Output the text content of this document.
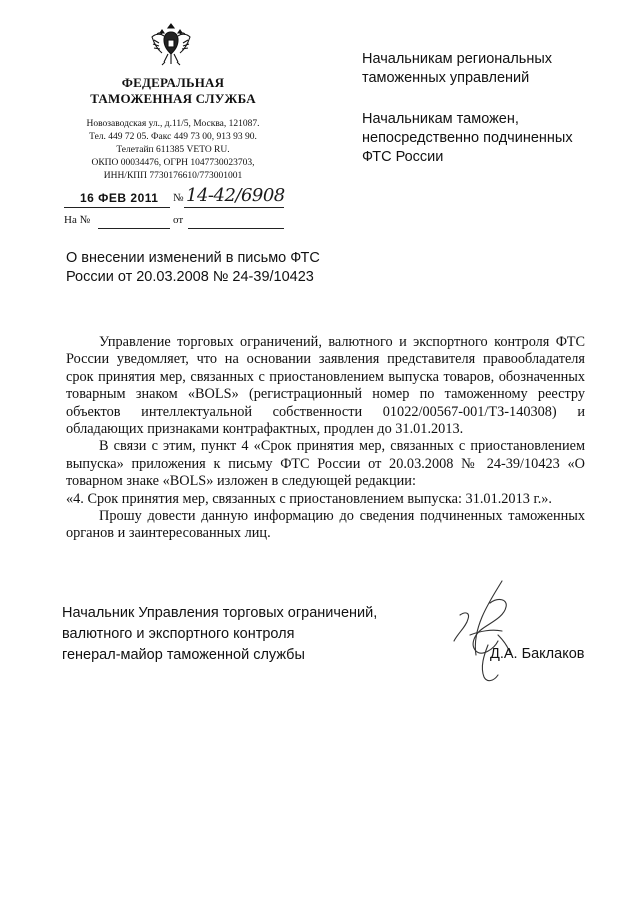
ФЕДЕРАЛЬНАЯ
ТАМОЖЕННАЯ СЛУЖБА
Новозаводская ул., д.11/5, Москва, 121087.
Тел. 449 72 05. Факс 449 73 00, 913 93 90.
Телетайп 611385 VETO RU.
ОКПО 00034476, ОГРН 1047730023703,
ИНН/КПП 7730176610/773001001
16 ФЕВ 2011 № 14-42/6908
На №	от
Начальникам региональных
таможенных управлений
Начальникам таможен,
непосредственно подчиненных
ФТС России
О внесении изменений в письмо ФТС
России от 20.03.2008 № 24-39/10423

Управление торговых ограничений, валютного и экспортного контроля ФТС России уведомляет, что на основании заявления представителя правообладателя срок принятия мер, связанных с приостановлением выпуска товаров, обозначенных товарным знаком «BOLS» (регистрационный номер по таможенному реестру объектов интеллектуальной собственности 01022/00567-001/ТЗ-140308) и обладающих признаками контрафактных, продлен до 31.01.2013.

В связи с этим, пункт 4 «Срок принятия мер, связанных с приостановлением выпуска» приложения к письму ФТС России от 20.03.2008 № 24-39/10423 «О товарном знаке «BOLS» изложен в следующей редакции:

«4. Срок принятия мер, связанных с приостановлением выпуска: 31.01.2013 г.».

Прошу довести данную информацию до сведения подчиненных таможенных органов и заинтересованных лиц.

Начальник Управления торговых ограничений,
валютного и экспортного контроля
генерал-майор таможенной службы	Д.А. Баклаков
